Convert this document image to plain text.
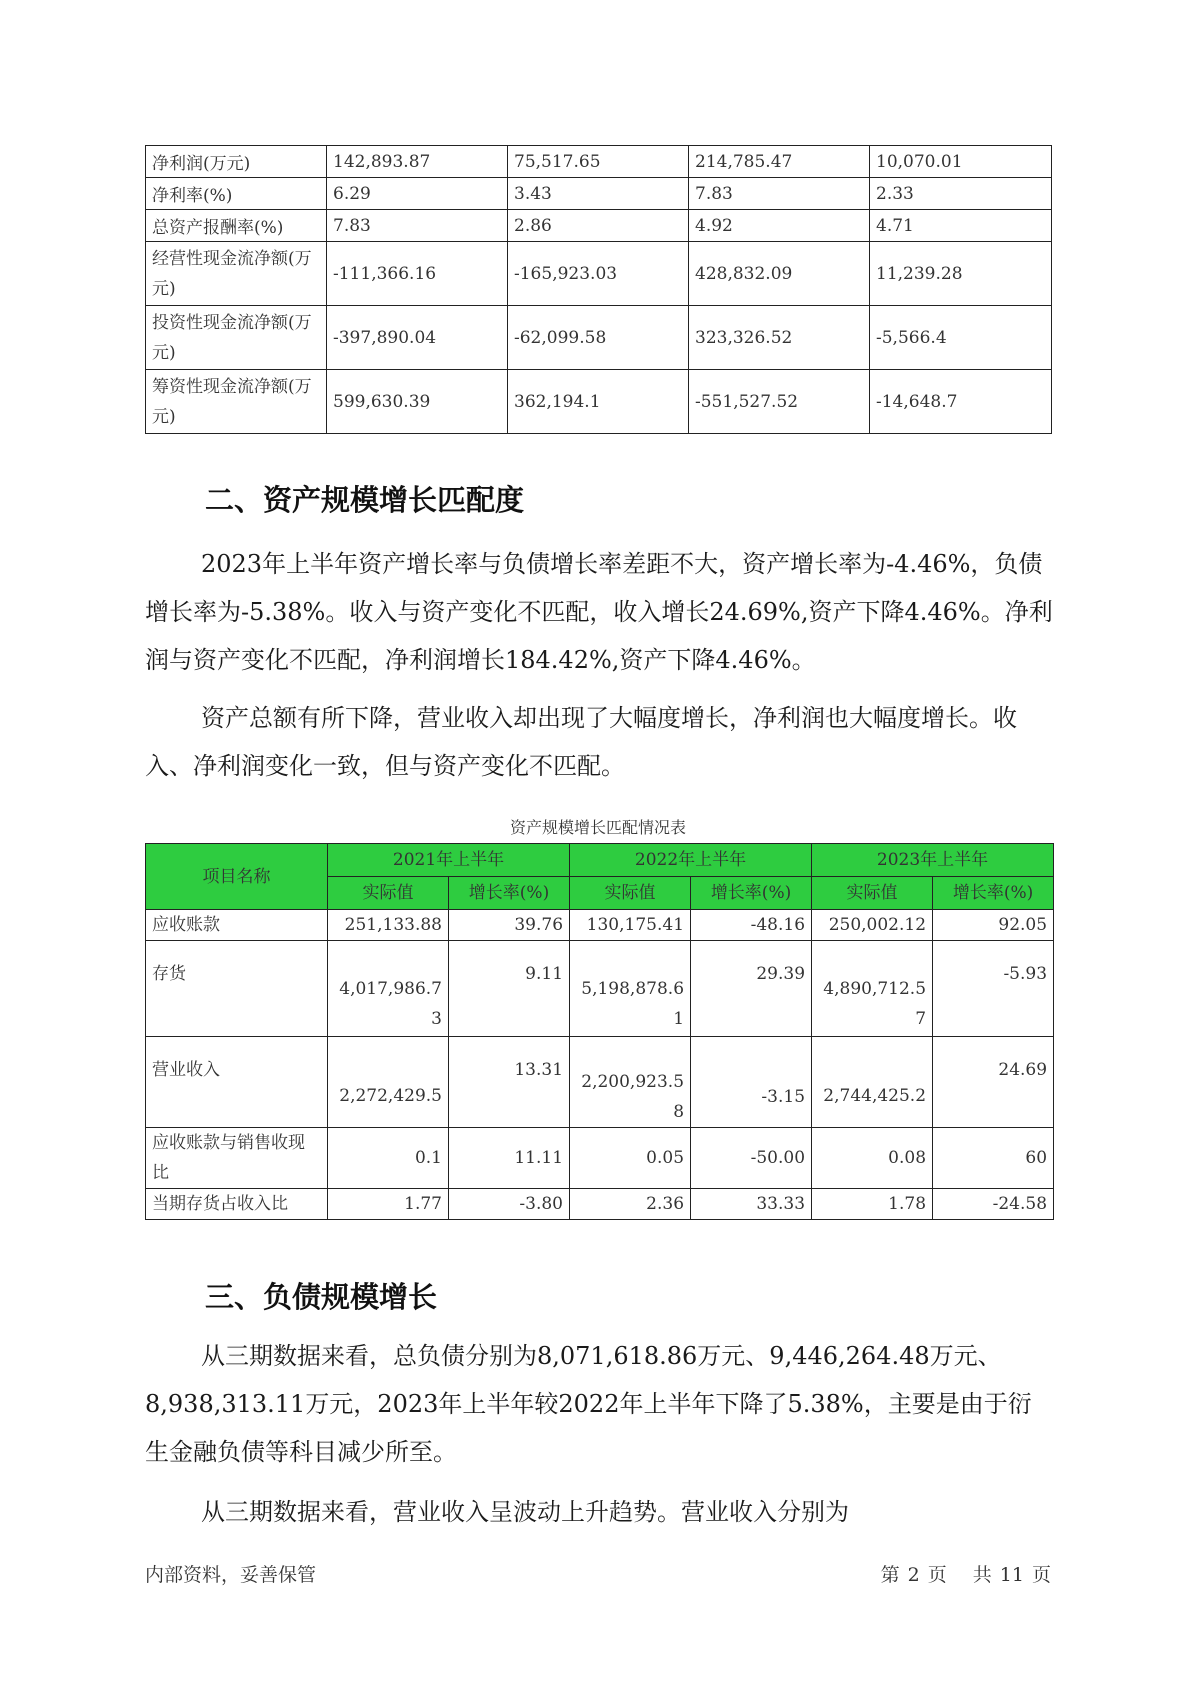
净利润(万元)	142,893.87	75,517.65	214,785.47	10,070.01
净利率(%)	6.29	3.43	7.83	2.33
总资产报酬率(%)	7.83	2.86	4.92	4.71
经营性现金流净额(万元)	-111,366.16	-165,923.03	428,832.09	11,239.28
投资性现金流净额(万元)	-397,890.04	-62,099.58	323,326.52	-5,566.4
筹资性现金流净额(万元)	599,630.39	362,194.1	-551,527.52	-14,648.7
二、资产规模增长匹配度

2023年上半年资产增长率与负债增长率差距不大，资产增长率为-4.46%，负债增长率为-5.38%。收入与资产变化不匹配，收入增长24.69%,资产下降4.46%。净利润与资产变化不匹配，净利润增长184.42%,资产下降4.46%。

资产总额有所下降，营业收入却出现了大幅度增长，净利润也大幅度增长。收入、净利润变化一致，但与资产变化不匹配。

资产规模增长匹配情况表

项目名称	2021年上半年		2022年上半年		2023年上半年	
	实际值	增长率(%)	实际值	增长率(%)	实际值	增长率(%)
应收账款	251,133.88	39.76	130,175.41	-48.16	250,002.12	92.05
存货	4,017,986.73	9.11	5,198,878.61	29.39	4,890,712.57	-5.93
营业收入	2,272,429.5	13.31	2,200,923.58	-3.15	2,744,425.2	24.69
应收账款与销售收现比	0.1	11.11	0.05	-50.00	0.08	60
当期存货占收入比	1.77	-3.80	2.36	33.33	1.78	-24.58
三、负债规模增长

从三期数据来看，总负债分别为8,071,618.86万元、9,446,264.48万元、8,938,313.11万元，2023年上半年较2022年上半年下降了5.38%，主要是由于衍生金融负债等科目减少所至。

从三期数据来看，营业收入呈波动上升趋势。营业收入分别为

内部资料，妥善保管	第 2 页 共 11 页
